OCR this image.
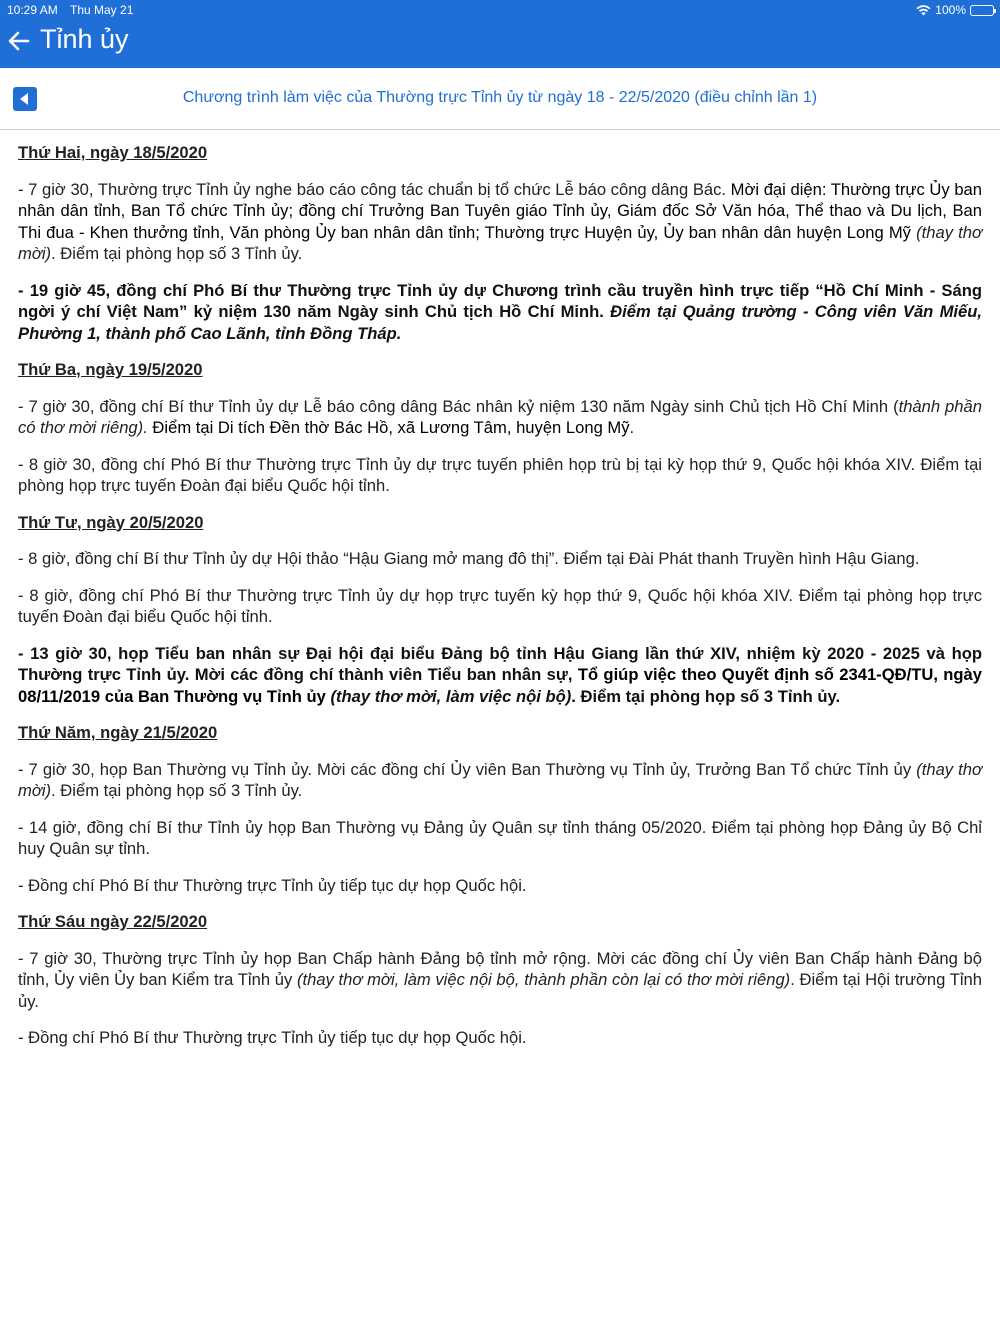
10:29 AM Thu May 21	100%
Tỉnh ủy
Chương trình làm việc của Thường trực Tỉnh ủy từ ngày 18 - 22/5/2020 (điều chỉnh lần 1)
Thứ Hai, ngày 18/5/2020

- 7 giờ 30, Thường trực Tỉnh ủy nghe báo cáo công tác chuẩn bị tổ chức Lễ báo công dâng Bác. Mời đại diện: Thường trực Ủy ban nhân dân tỉnh, Ban Tổ chức Tỉnh ủy; đồng chí Trưởng Ban Tuyên giáo Tỉnh ủy, Giám đốc Sở Văn hóa, Thể thao và Du lịch, Ban Thi đua - Khen thưởng tỉnh, Văn phòng Ủy ban nhân dân tỉnh; Thường trực Huyện ủy, Ủy ban nhân dân huyện Long Mỹ (thay thơ mời). Điểm tại phòng họp số 3 Tỉnh ủy.

- 19 giờ 45, đồng chí Phó Bí thư Thường trực Tỉnh ủy dự Chương trình cầu truyền hình trực tiếp “Hồ Chí Minh - Sáng ngời ý chí Việt Nam” kỷ niệm 130 năm Ngày sinh Chủ tịch Hồ Chí Minh. Điểm tại Quảng trường - Công viên Văn Miếu, Phường 1, thành phố Cao Lãnh, tỉnh Đồng Tháp.

Thứ Ba, ngày 19/5/2020

- 7 giờ 30, đồng chí Bí thư Tỉnh ủy dự Lễ báo công dâng Bác nhân kỷ niệm 130 năm Ngày sinh Chủ tịch Hồ Chí Minh (thành phần có thơ mời riêng). Điểm tại Di tích Đền thờ Bác Hồ, xã Lương Tâm, huyện Long Mỹ.

- 8 giờ 30, đồng chí Phó Bí thư Thường trực Tỉnh ủy dự trực tuyến phiên họp trù bị tại kỳ họp thứ 9, Quốc hội khóa XIV. Điểm tại phòng họp trực tuyến Đoàn đại biểu Quốc hội tỉnh.

Thứ Tư, ngày 20/5/2020

- 8 giờ, đồng chí Bí thư Tỉnh ủy dự Hội thảo “Hậu Giang mở mang đô thị”. Điểm tại Đài Phát thanh Truyền hình Hậu Giang.

- 8 giờ, đồng chí Phó Bí thư Thường trực Tỉnh ủy dự họp trực tuyến kỳ họp thứ 9, Quốc hội khóa XIV. Điểm tại phòng họp trực tuyến Đoàn đại biểu Quốc hội tỉnh.

- 13 giờ 30, họp Tiểu ban nhân sự Đại hội đại biểu Đảng bộ tỉnh Hậu Giang lần thứ XIV, nhiệm kỳ 2020 - 2025 và họp Thường trực Tỉnh ủy. Mời các đồng chí thành viên Tiểu ban nhân sự, Tổ giúp việc theo Quyết định số 2341-QĐ/TU, ngày 08/11/2019 của Ban Thường vụ Tỉnh ủy (thay thơ mời, làm việc nội bộ). Điểm tại phòng họp số 3 Tỉnh ủy.

Thứ Năm, ngày 21/5/2020

- 7 giờ 30, họp Ban Thường vụ Tỉnh ủy. Mời các đồng chí Ủy viên Ban Thường vụ Tỉnh ủy, Trưởng Ban Tổ chức Tỉnh ủy (thay thơ mời). Điểm tại phòng họp số 3 Tỉnh ủy.

- 14 giờ, đồng chí Bí thư Tỉnh ủy họp Ban Thường vụ Đảng ủy Quân sự tỉnh tháng 05/2020. Điểm tại phòng họp Đảng ủy Bộ Chỉ huy Quân sự tỉnh.

- Đồng chí Phó Bí thư Thường trực Tỉnh ủy tiếp tục dự họp Quốc hội.

Thứ Sáu ngày 22/5/2020

- 7 giờ 30, Thường trực Tỉnh ủy họp Ban Chấp hành Đảng bộ tỉnh mở rộng. Mời các đồng chí Ủy viên Ban Chấp hành Đảng bộ tỉnh, Ủy viên Ủy ban Kiểm tra Tỉnh ủy (thay thơ mời, làm việc nội bộ, thành phần còn lại có thơ mời riêng). Điểm tại Hội trường Tỉnh ủy.

- Đồng chí Phó Bí thư Thường trực Tỉnh ủy tiếp tục dự họp Quốc hội.
